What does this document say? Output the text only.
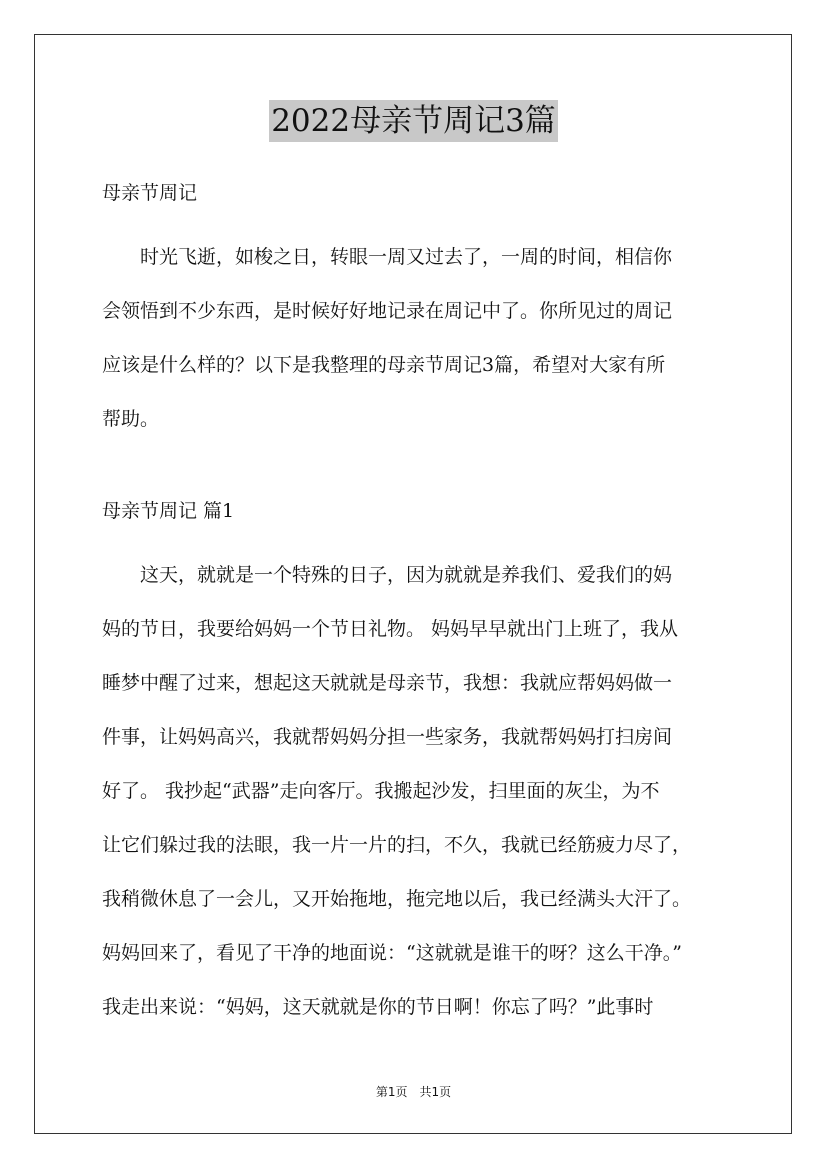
2022母亲节周记3篇

母亲节周记

　　时光飞逝，如梭之日，转眼一周又过去了，一周的时间，相信你
会领悟到不少东西，是时候好好地记录在周记中了。你所见过的周记
应该是什么样的？以下是我整理的母亲节周记3篇，希望对大家有所
帮助。

母亲节周记 篇1

　　这天，就就是一个特殊的日子，因为就就是养我们、爱我们的妈
妈的节日，我要给妈妈一个节日礼物。 妈妈早早就出门上班了，我从
睡梦中醒了过来，想起这天就就是母亲节，我想：我就应帮妈妈做一
件事，让妈妈高兴，我就帮妈妈分担一些家务，我就帮妈妈打扫房间
好了。 我抄起“武器”走向客厅。我搬起沙发，扫里面的灰尘，为不
让它们躲过我的法眼，我一片一片的扫，不久，我就已经筋疲力尽了，
我稍微休息了一会儿，又开始拖地，拖完地以后，我已经满头大汗了。
妈妈回来了，看见了干净的地面说：“这就就是谁干的呀？这么干净。”
我走出来说：“妈妈，这天就就是你的节日啊！你忘了吗？”此事时
第1页　共1页
